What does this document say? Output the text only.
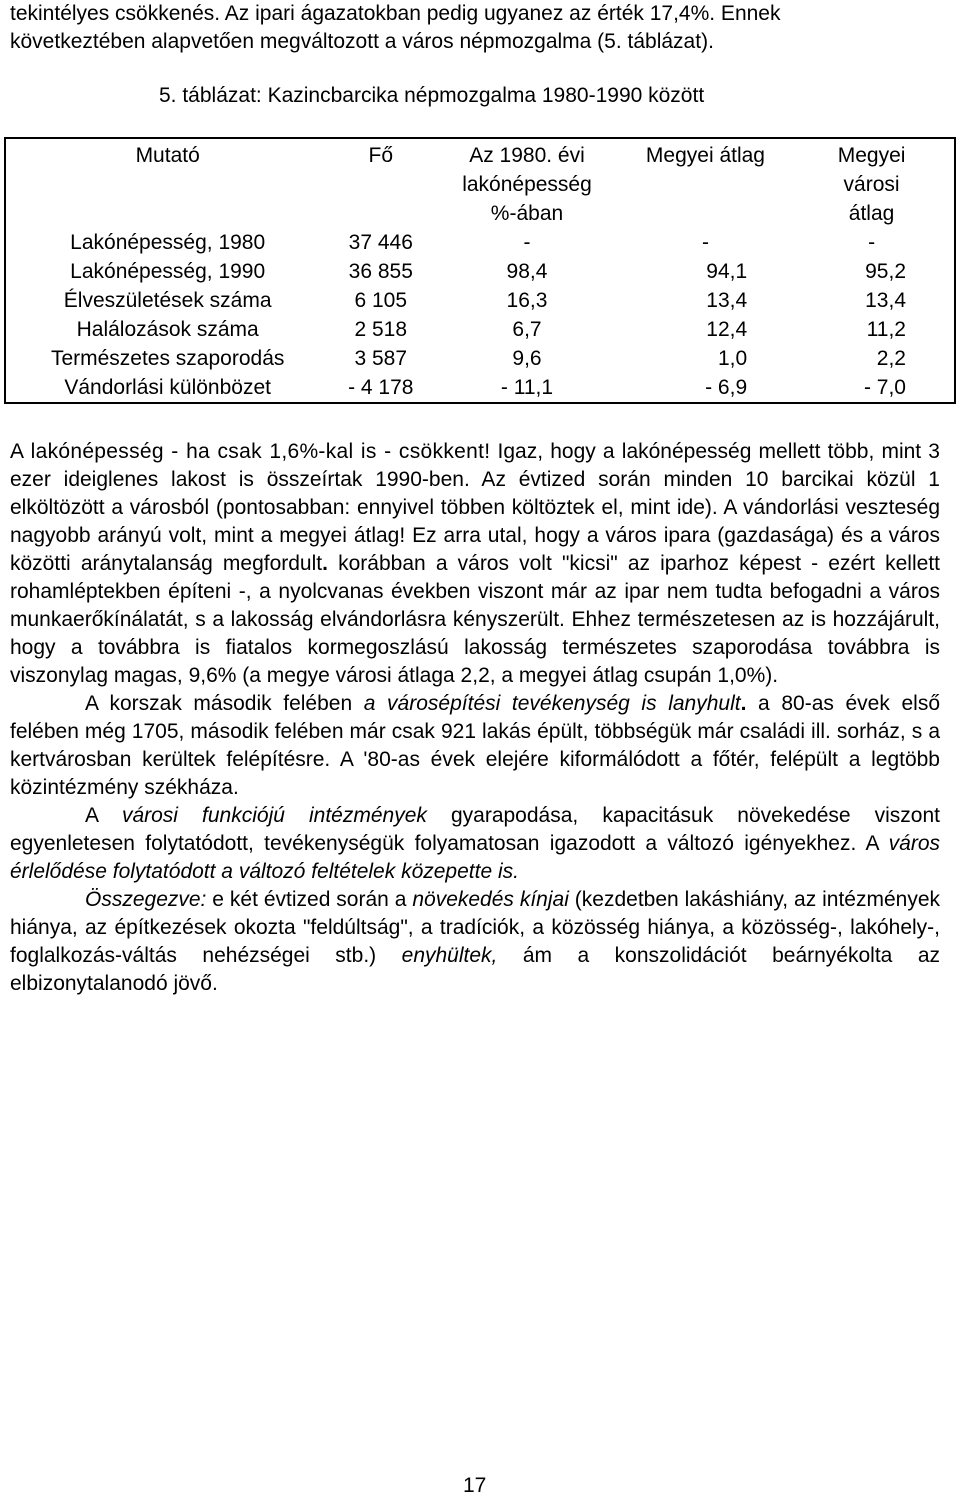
tekintélyes csökkenés. Az ipari ágazatokban pedig ugyanez az érték 17,4%. Ennek
következtében alapvetően megváltozott a város népmozgalma (5. táblázat).

5. táblázat: Kazincbarcika népmozgalma 1980-1990 között
Mutató	Fő	Az 1980. évi lakónépesség %-ában	Megyei átlag	Megyei városi átlag
Lakónépesség, 1980	37 446	-	-	-
Lakónépesség, 1990	36 855	98,4	94,1	95,2
Élveszületések száma	6 105	16,3	13,4	13,4
Halálozások száma	2 518	6,7	12,4	11,2
Természetes szaporodás	3 587	9,6	1,0	2,2
Vándorlási különbözet	- 4 178	- 11,1	- 6,9	- 7,0

A lakónépesség - ha csak 1,6%-kal is - csökkent! Igaz, hogy a lakónépesség mellett több, mint 3 ezer ideiglenes lakost is összeírtak 1990-ben. Az évtized során minden 10 barcikai közül 1 elköltözött a városból (pontosabban: ennyivel többen költöztek el, mint ide). A vándorlási veszteség nagyobb arányú volt, mint a megyei átlag! Ez arra utal, hogy a város ipara (gazdasága) és a város közötti aránytalanság megfordult. korábban a város volt "kicsi" az iparhoz képest - ezért kellett rohamléptekben építeni -, a nyolcvanas években viszont már az ipar nem tudta befogadni a város munkaerőkínálatát, s a lakosság elvándorlásra kényszerült. Ehhez természetesen az is hozzájárult, hogy a továbbra is fiatalos kormegoszlású lakosság természetes szaporodása továbbra is viszonylag magas, 9,6% (a megye városi átlaga 2,2, a megyei átlag csupán 1,0%).

A korszak második felében a városépítési tevékenység is lanyhult. a 80-as évek első felében még 1705, második felében már csak 921 lakás épült, többségük már családi ill. sorház, s a kertvárosban kerültek felépítésre. A '80-as évek elejére kiformálódott a főtér, felépült a legtöbb közintézmény székháza.

A városi funkciójú intézmények gyarapodása, kapacitásuk növekedése viszont egyenletesen folytatódott, tevékenységük folyamatosan igazodott a változó igényekhez. A város érlelődése folytatódott a változó feltételek közepette is.

Összegezve: e két évtized során a növekedés kínjai (kezdetben lakáshiány, az intézmények hiánya, az építkezések okozta "feldúltság", a tradíciók, a közösség hiánya, a közösség-, lakóhely-, foglalkozás-váltás nehézségei stb.) enyhültek, ám a konszolidációt beárnyékolta az elbizonytalanodó jövő.

17
